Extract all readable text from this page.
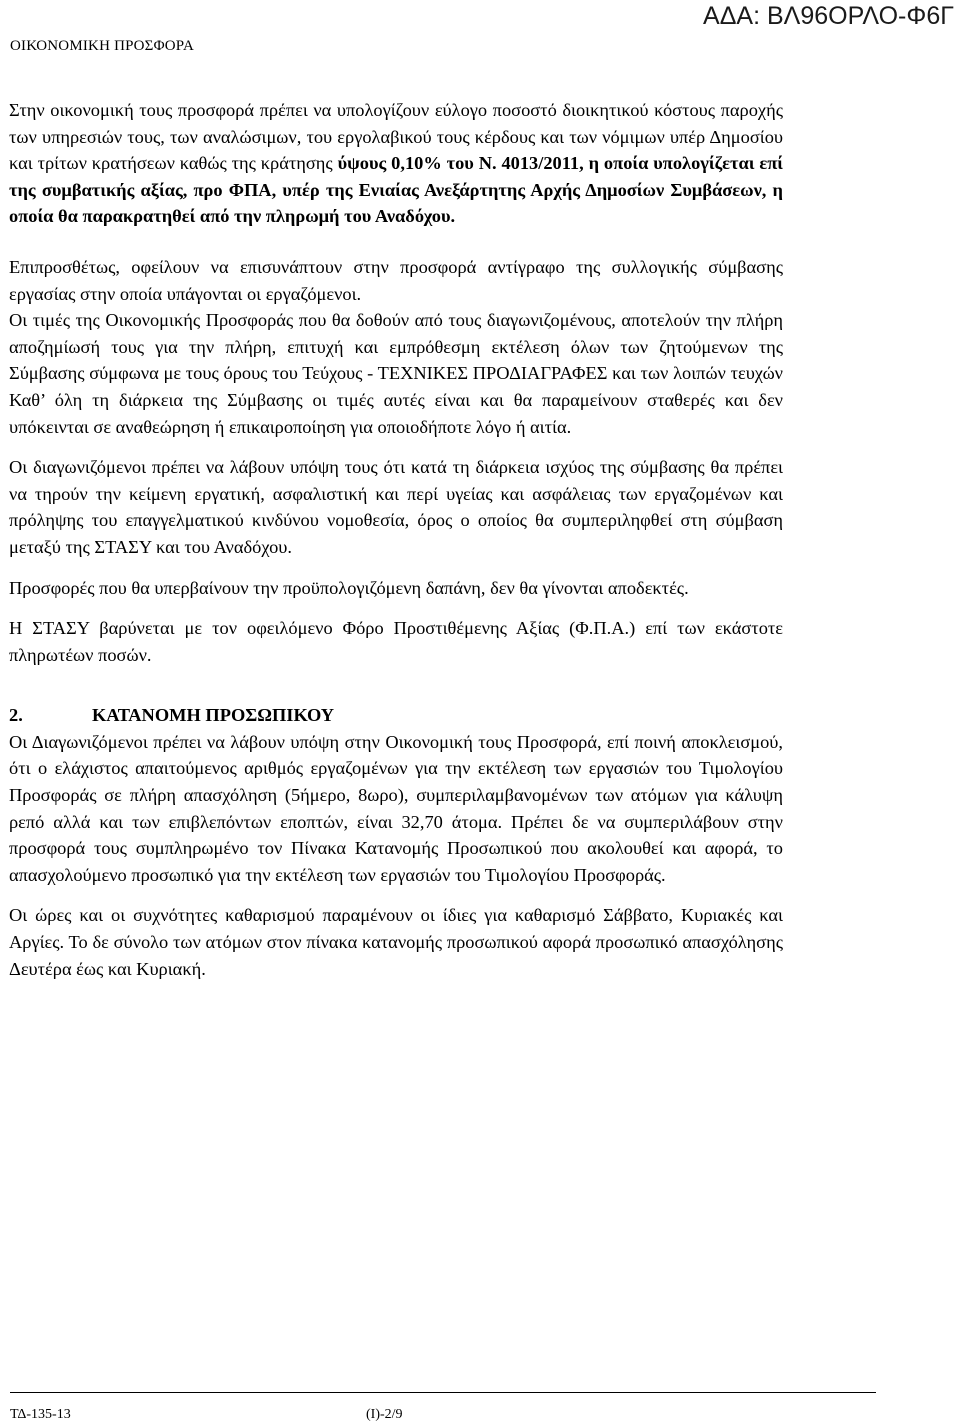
ΟΙΚΟΝΟΜΙΚΗ ΠΡΟΣΦΟΡΑ
ΑΔΑ: ΒΛ96ΟΡΛΟ-Φ6Γ

Στην οικονομική τους προσφορά πρέπει να υπολογίζουν εύλογο ποσοστό διοικητικού κόστους παροχής των υπηρεσιών τους, των αναλώσιμων, του εργολαβικού τους κέρδους και των νόμιμων υπέρ Δημοσίου και τρίτων κρατήσεων καθώς της κράτησης ύψους 0,10% του Ν. 4013/2011, η οποία υπολογίζεται επί της συμβατικής αξίας, προ ΦΠΑ, υπέρ της Ενιαίας Ανεξάρτητης Αρχής Δημοσίων Συμβάσεων, η οποία θα παρακρατηθεί από την πληρωμή του Αναδόχου.

Επιπροσθέτως, οφείλουν να επισυνάπτουν στην προσφορά αντίγραφο της συλλογικής σύμβασης εργασίας στην οποία υπάγονται οι εργαζόμενοι.

Οι τιμές της Οικονομικής Προσφοράς που θα δοθούν από τους διαγωνιζομένους, αποτελούν την πλήρη αποζημίωσή τους για την πλήρη, επιτυχή και εμπρόθεσμη εκτέλεση όλων των ζητούμενων της Σύμβασης σύμφωνα με τους όρους του Τεύχους - ΤΕΧΝΙΚΕΣ ΠΡΟΔΙΑΓΡΑΦΕΣ και των λοιπών τευχών Καθ’ όλη τη διάρκεια της Σύμβασης οι τιμές αυτές είναι και θα παραμείνουν σταθερές και δεν υπόκεινται σε αναθεώρηση ή επικαιροποίηση για οποιοδήποτε λόγο ή αιτία.

Οι διαγωνιζόμενοι πρέπει να λάβουν υπόψη τους ότι κατά τη διάρκεια ισχύος της σύμβασης θα πρέπει να τηρούν την κείμενη εργατική, ασφαλιστική και περί υγείας και ασφάλειας των εργαζομένων και πρόληψης του επαγγελματικού κινδύνου νομοθεσία, όρος ο οποίος θα συμπεριληφθεί στη σύμβαση μεταξύ της ΣΤΑΣΥ και του Αναδόχου.

Προσφορές που θα υπερβαίνουν την προϋπολογιζόμενη δαπάνη, δεν θα γίνονται αποδεκτές.

Η ΣΤΑΣΥ βαρύνεται με τον οφειλόμενο Φόρο Προστιθέμενης Αξίας (Φ.Π.Α.) επί των εκάστοτε πληρωτέων ποσών.

2.	ΚΑΤΑΝΟΜΗ ΠΡΟΣΩΠΙΚΟΥ

Οι Διαγωνιζόμενοι πρέπει να λάβουν υπόψη στην Οικονομική τους Προσφορά, επί ποινή αποκλεισμού, ότι ο ελάχιστος απαιτούμενος αριθμός εργαζομένων για την εκτέλεση των εργασιών του Τιμολογίου Προσφοράς σε πλήρη απασχόληση (5ήμερο, 8ωρο), συμπεριλαμβανομένων των ατόμων για κάλυψη ρεπό αλλά και των επιβλεπόντων εποπτών, είναι 32,70 άτομα. Πρέπει δε να συμπεριλάβουν στην προσφορά τους συμπληρωμένο τον Πίνακα Κατανομής Προσωπικού που ακολουθεί και αφορά, το απασχολούμενο προσωπικό για την εκτέλεση των εργασιών του Τιμολογίου Προσφοράς.

Οι ώρες και οι συχνότητες καθαρισμού παραμένουν οι ίδιες για καθαρισμό Σάββατο, Κυριακές και Αργίες. Το δε σύνολο των ατόμων στον πίνακα κατανομής προσωπικού αφορά προσωπικό απασχόλησης Δευτέρα έως και Κυριακή.

ΤΔ-135-13	(Ι)-2/9
